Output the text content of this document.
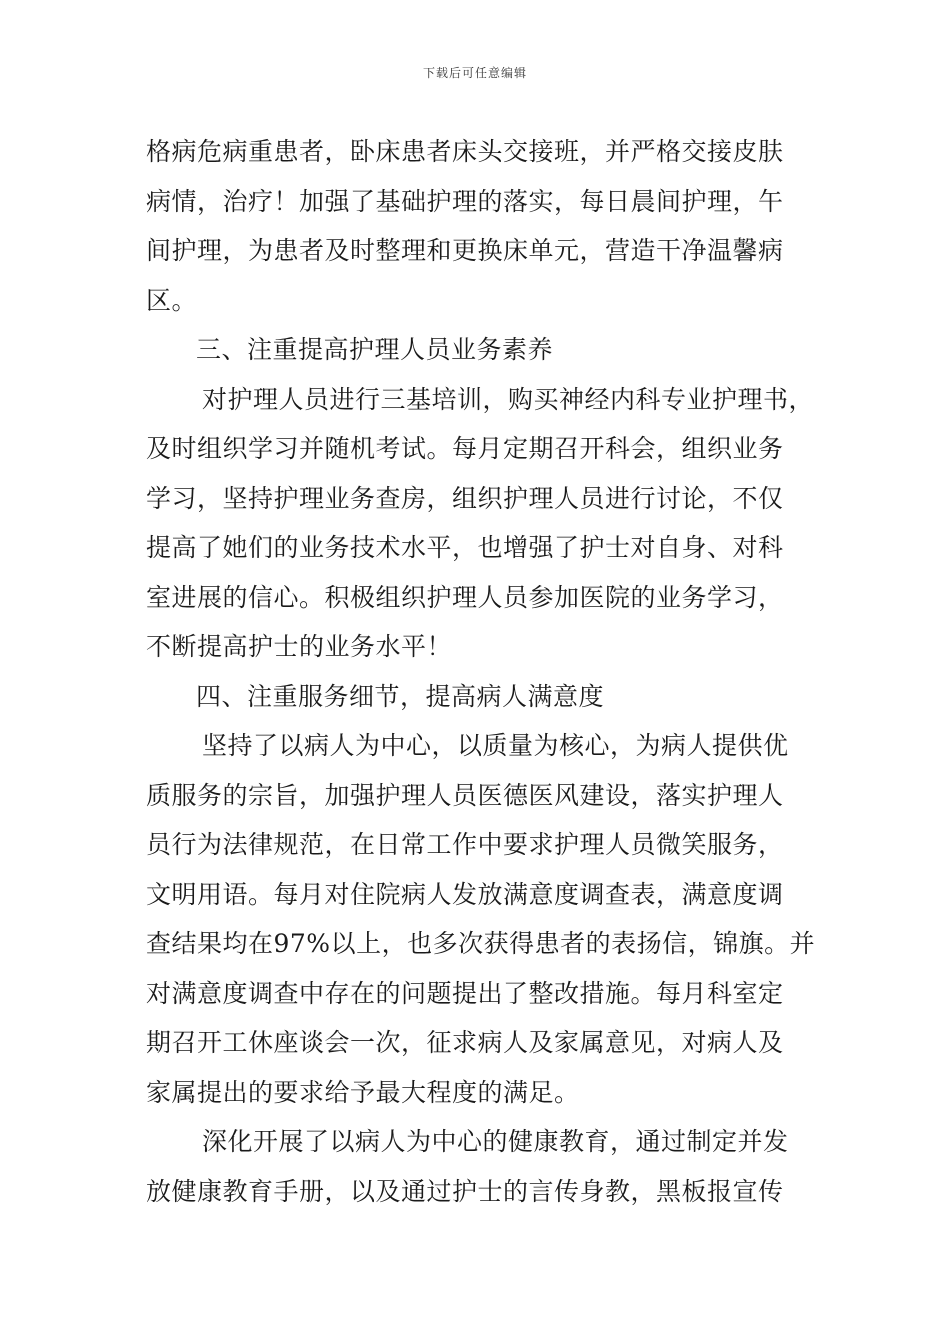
下载后可任意编辑
格病危病重患者，卧床患者床头交接班，并严格交接皮肤
病情，治疗！加强了基础护理的落实，每日晨间护理，午
间护理，为患者及时整理和更换床单元，营造干净温馨病
区。
三、注重提高护理人员业务素养
对护理人员进行三基培训，购买神经内科专业护理书，
及时组织学习并随机考试。每月定期召开科会，组织业务
学习，坚持护理业务查房，组织护理人员进行讨论，不仅
提高了她们的业务技术水平，也增强了护士对自身、对科
室进展的信心。积极组织护理人员参加医院的业务学习，
不断提高护士的业务水平！
四、注重服务细节，提高病人满意度
坚持了以病人为中心，以质量为核心，为病人提供优
质服务的宗旨，加强护理人员医德医风建设，落实护理人
员行为法律规范，在日常工作中要求护理人员微笑服务，
文明用语。每月对住院病人发放满意度调查表，满意度调
查结果均在97%以上，也多次获得患者的表扬信，锦旗。并
对满意度调查中存在的问题提出了整改措施。每月科室定
期召开工休座谈会一次，征求病人及家属意见，对病人及
家属提出的要求给予最大程度的满足。
深化开展了以病人为中心的健康教育，通过制定并发
放健康教育手册，以及通过护士的言传身教，黑板报宣传
